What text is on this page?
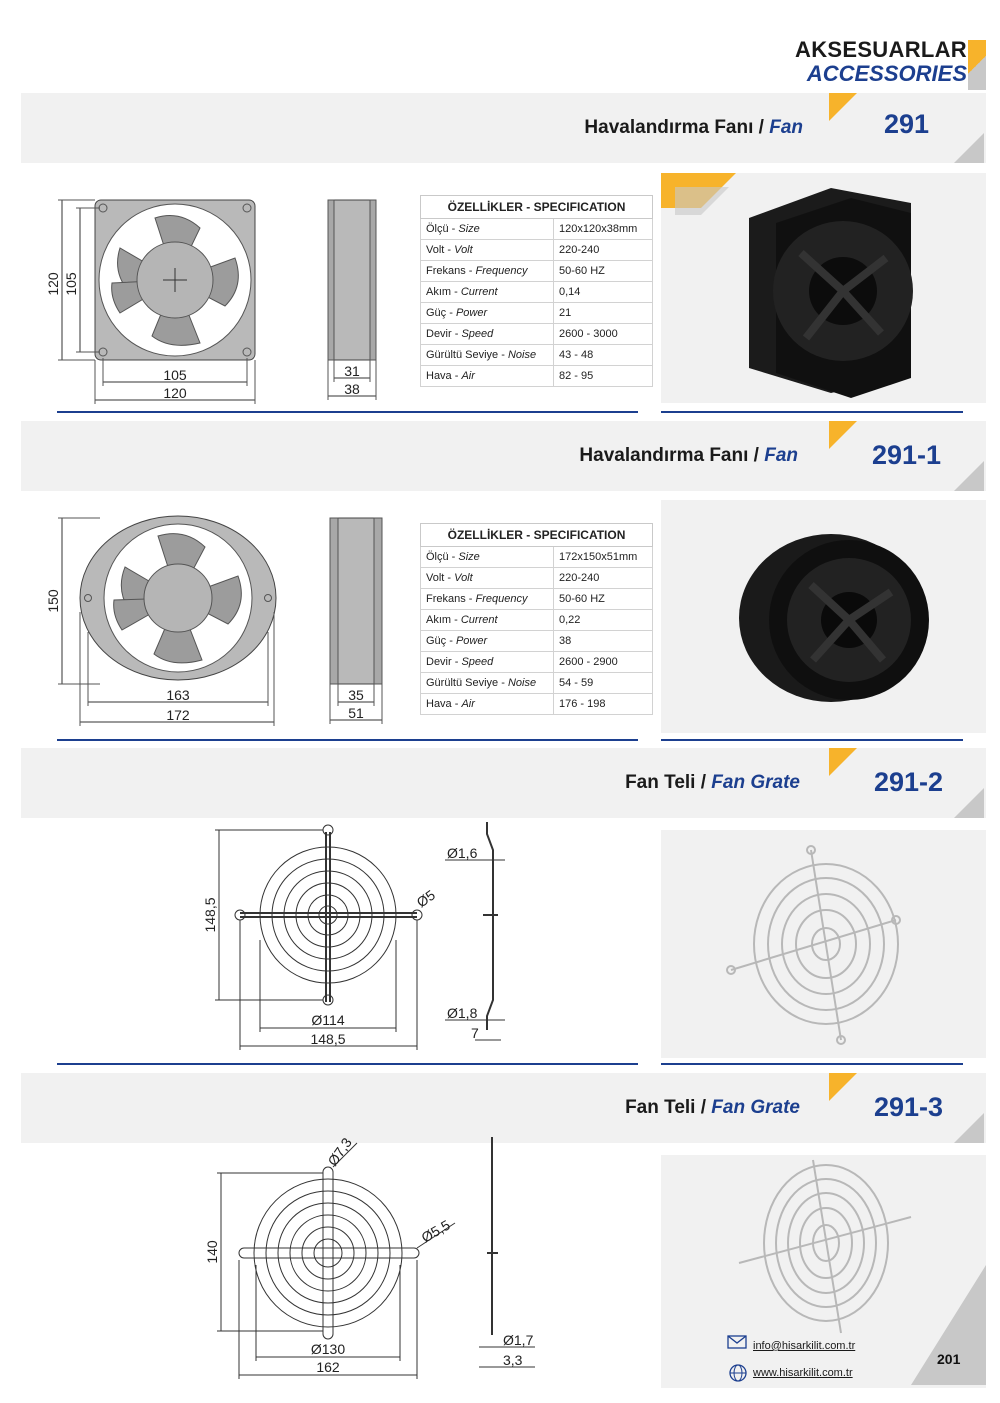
AKSESUARLAR
ACCESSORIES
Havalandırma Fanı / Fan	291
120 105
105
120
31
38
ÖZELLİKLER - SPECIFICATION	
Ölçü - Size	120x120x38mm
Volt - Volt	220-240
Frekans - Frequency	50-60 HZ
Akım - Current	0,14
Güç - Power	21
Devir - Speed	2600 - 3000
Gürültü Seviye - Noise	43 - 48
Hava - Air	82 - 95
Havalandırma Fanı / Fan	291-1
150
163
172
35
51
ÖZELLİKLER - SPECIFICATION	
Ölçü - Size	172x150x51mm
Volt - Volt	220-240
Frekans - Frequency	50-60 HZ
Akım - Current	0,22
Güç - Power	38
Devir - Speed	2600 - 2900
Gürültü Seviye - Noise	54 - 59
Hava - Air	176 - 198
Fan Teli / Fan Grate	291-2
148,5
Ø114
148,5
Ø1,6
Ø5
Ø1,8
7
Fan Teli / Fan Grate	291-3
140
Ø130
162
Ø7,3
Ø5,5
Ø1,7
3,3
info@hisarkilit.com.tr
www.hisarkilit.com.tr
201
